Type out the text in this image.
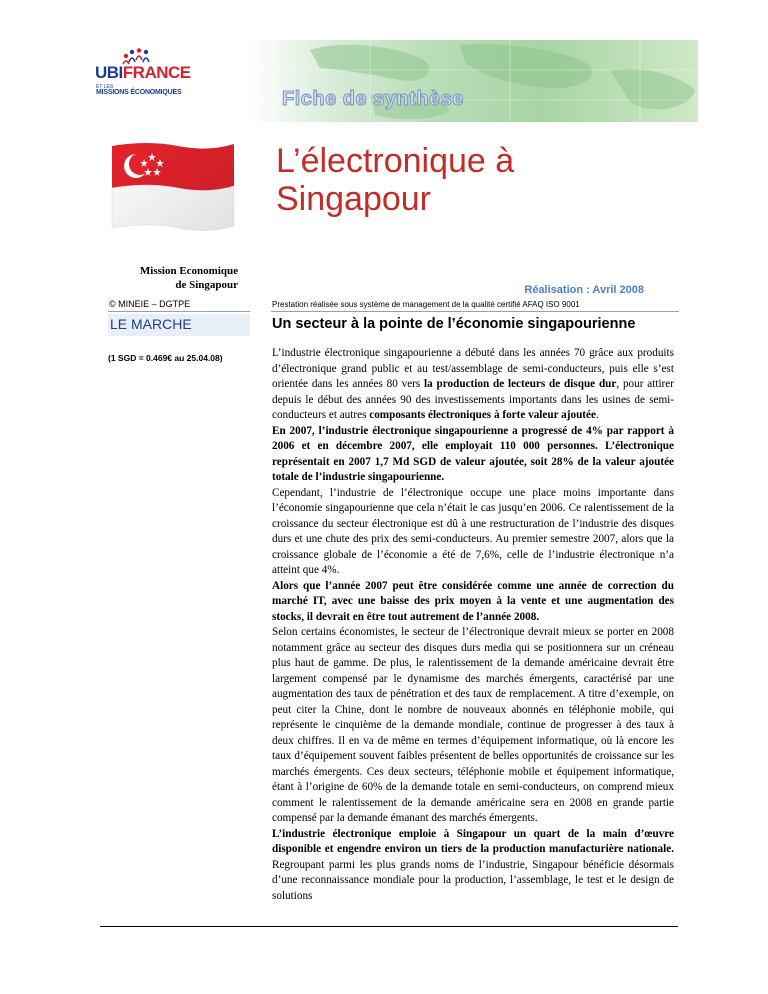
Fiche de synthèse
UBIFRANCE
ET LES
MISSIONS ÉCONOMIQUES
L’électronique à
Singapour
Mission Economique
de Singapour
© MINEIE – DGTPE
Réalisation : Avril 2008
Prestation réalisée sous système de management de la qualité certifié AFAQ ISO 9001
LE MARCHE	Un secteur à la pointe de l’économie singapourienne
(1 SGD = 0.469€ au 25.04.08)	L’industrie électronique singapourienne a débuté dans les années 70 grâce aux produits d’électronique grand public et au test/assemblage de semi-conducteurs, puis elle s’est orientée dans les années 80 vers la production de lecteurs de disque dur, pour attirer depuis le début des années 90 des investissements importants dans les usines de semi-conducteurs et autres composants électroniques à forte valeur ajoutée.

En 2007, l’industrie électronique singapourienne a progressé de 4% par rapport à 2006 et en décembre 2007, elle employait 110 000 personnes. L’électronique représentait en 2007 1,7 Md SGD de valeur ajoutée, soit 28% de la valeur ajoutée totale de l’industrie singapourienne.

Cependant, l’industrie de l’électronique occupe une place moins importante dans l’économie singapourienne que cela n’était le cas jusqu’en 2006. Ce ralentissement de la croissance du secteur électronique est dû à une restructuration de l’industrie des disques durs et une chute des prix des semi-conducteurs. Au premier semestre 2007, alors que la croissance globale de l’économie a été de 7,6%, celle de l’industrie électronique n’a atteint que 4%.

Alors que l’année 2007 peut être considérée comme une année de correction du marché IT, avec une baisse des prix moyen à la vente et une augmentation des stocks, il devrait en être tout autrement de l’année 2008.

Selon certains économistes, le secteur de l’électronique devrait mieux se porter en 2008 notamment grâce au secteur des disques durs media qui se positionnera sur un créneau plus haut de gamme. De plus, le ralentissement de la demande américaine devrait être largement compensé par le dynamisme des marchés émergents, caractérisé par une augmentation des taux de pénétration et des taux de remplacement. A titre d’exemple, on peut citer la Chine, dont le nombre de nouveaux abonnés en téléphonie mobile, qui représente le cinquième de la demande mondiale, continue de progresser à des taux à deux chiffres. Il en va de même en termes d’équipement informatique, où là encore les taux d’équipement souvent faibles présentent de belles opportunités de croissance sur les marchés émergents. Ces deux secteurs, téléphonie mobile et équipement informatique, étant à l’origine de 60% de la demande totale en semi-conducteurs, on comprend mieux comment le ralentissement de la demande américaine sera en 2008 en grande partie compensé par la demande émanant des marchés émergents.

L’industrie électronique emploie à Singapour un quart de la main d’œuvre disponible et engendre environ un tiers de la production manufacturière nationale. Regroupant parmi les plus grands noms de l’industrie, Singapour bénéficie désormais d’une reconnaissance mondiale pour la production, l’assemblage, le test et le design de solutions
